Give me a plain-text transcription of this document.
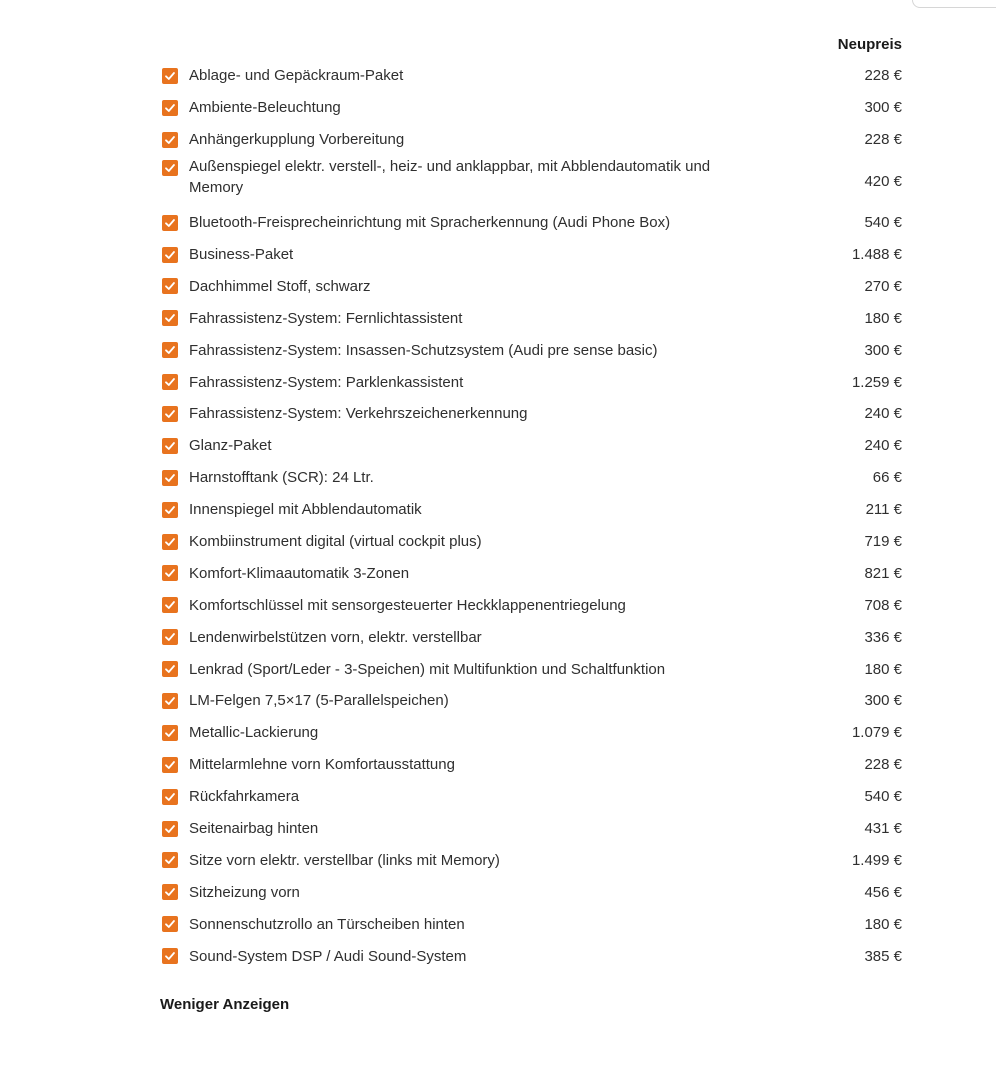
Neupreis
Ablage- und Gepäckraum-Paket	228 €
Ambiente-Beleuchtung	300 €
Anhängerkupplung Vorbereitung	228 €
Außenspiegel elektr. verstell-, heiz- und anklappbar, mit Abblendautomatik und Memory	420 €
Bluetooth-Freisprecheinrichtung mit Spracherkennung (Audi Phone Box)	540 €
Business-Paket	1.488 €
Dachhimmel Stoff, schwarz	270 €
Fahrassistenz-System: Fernlichtassistent	180 €
Fahrassistenz-System: Insassen-Schutzsystem (Audi pre sense basic)	300 €
Fahrassistenz-System: Parklenkassistent	1.259 €
Fahrassistenz-System: Verkehrszeichenerkennung	240 €
Glanz-Paket	240 €
Harnstofftank (SCR): 24 Ltr.	66 €
Innenspiegel mit Abblendautomatik	211 €
Kombiinstrument digital (virtual cockpit plus)	719 €
Komfort-Klimaautomatik 3-Zonen	821 €
Komfortschlüssel mit sensorgesteuerter Heckklappenentriegelung	708 €
Lendenwirbelstützen vorn, elektr. verstellbar	336 €
Lenkrad (Sport/Leder - 3-Speichen) mit Multifunktion und Schaltfunktion	180 €
LM-Felgen 7,5×17 (5-Parallelspeichen)	300 €
Metallic-Lackierung	1.079 €
Mittelarmlehne vorn Komfortausstattung	228 €
Rückfahrkamera	540 €
Seitenairbag hinten	431 €
Sitze vorn elektr. verstellbar (links mit Memory)	1.499 €
Sitzheizung vorn	456 €
Sonnenschutzrollo an Türscheiben hinten	180 €
Sound-System DSP / Audi Sound-System	385 €
Weniger Anzeigen
